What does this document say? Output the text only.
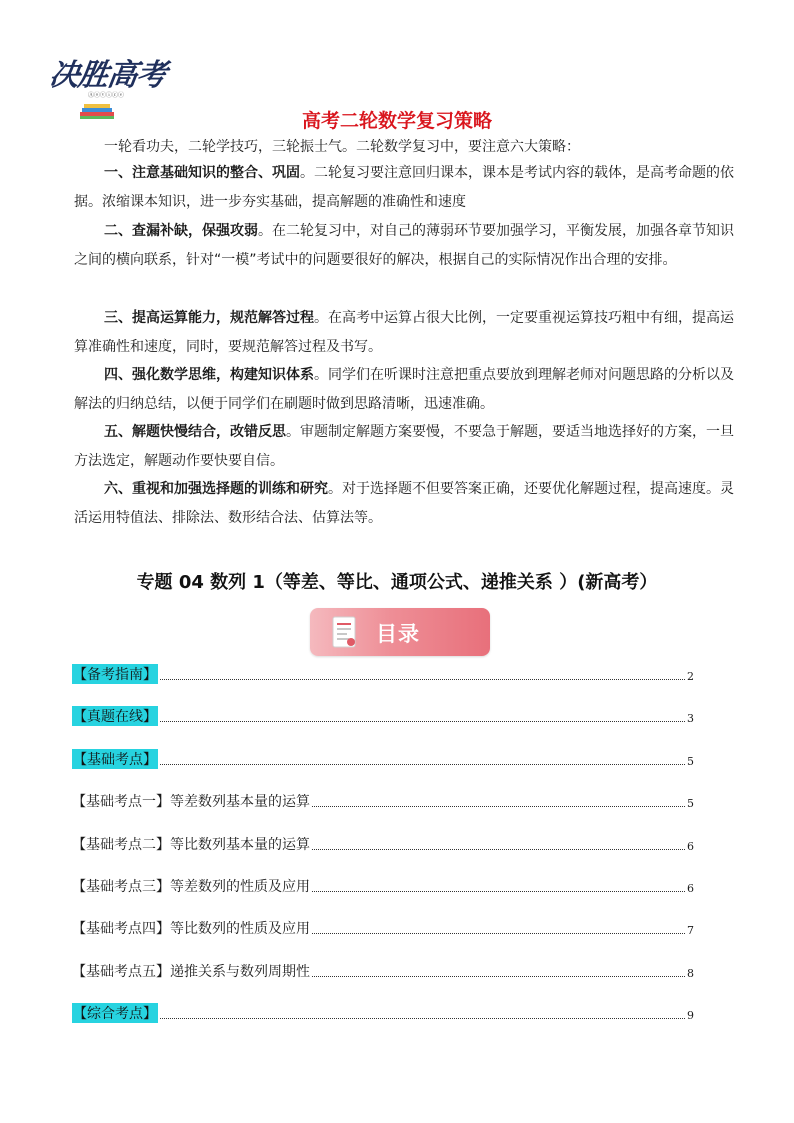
决胜高考
Ⓐⓞⓥⓘⓒⓔ
高考二轮数学复习策略
一轮看功夫，二轮学技巧，三轮振士气。二轮数学复习中，要注意六大策略：

一、注意基础知识的整合、巩固。二轮复习要注意回归课本，课本是考试内容的载体，是高考命题的依据。浓缩课本知识，进一步夯实基础，提高解题的准确性和速度

二、查漏补缺，保强攻弱。在二轮复习中，对自己的薄弱环节要加强学习，平衡发展，加强各章节知识之间的横向联系，针对“一模”考试中的问题要很好的解决，根据自己的实际情况作出合理的安排。

三、提高运算能力，规范解答过程。在高考中运算占很大比例，一定要重视运算技巧粗中有细，提高运算准确性和速度，同时，要规范解答过程及书写。

四、强化数学思维，构建知识体系。同学们在听课时注意把重点要放到理解老师对问题思路的分析以及解法的归纳总结，以便于同学们在刷题时做到思路清晰，迅速准确。

五、解题快慢结合，改错反思。审题制定解题方案要慢，不要急于解题，要适当地选择好的方案，一旦方法选定，解题动作要快要自信。

六、重视和加强选择题的训练和研究。对于选择题不但要答案正确，还要优化解题过程，提高速度。灵活运用特值法、排除法、数形结合法、估算法等。

专题 04 数列 1（等差、等比、通项公式、递推关系 ）(新高考）
目录
【备考指南】	2
【真题在线】	3
【基础考点】	5
【基础考点一】等差数列基本量的运算	5
【基础考点二】等比数列基本量的运算	6
【基础考点三】等差数列的性质及应用	6
【基础考点四】等比数列的性质及应用	7
【基础考点五】递推关系与数列周期性	8
【综合考点】	9
